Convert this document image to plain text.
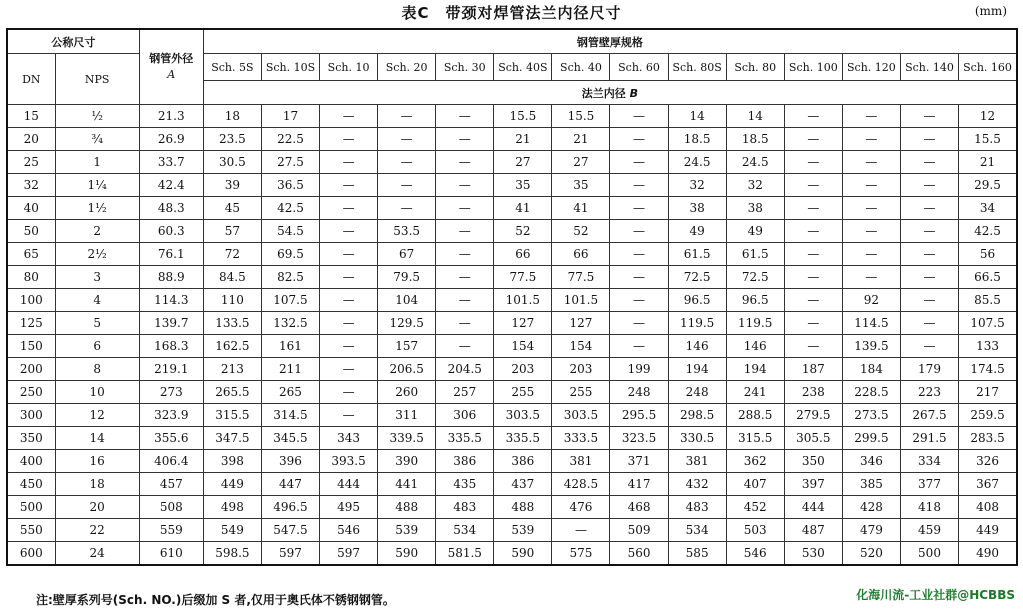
表C　带颈对焊管法兰内径尺寸	(mm)
公称尺寸		钢管外径
A	钢管壁厚规格													
DN	NPS		Sch. 5S	Sch. 10S	Sch. 10	Sch. 20	Sch. 30	Sch. 40S	Sch. 40	Sch. 60	Sch. 80S	Sch. 80	Sch. 100	Sch. 120	Sch. 140	Sch. 160
			法兰内径 B													
15	½	21.3	18	17	—	—	—	15.5	15.5	—	14	14	—	—	—	12
20	¾	26.9	23.5	22.5	—	—	—	21	21	—	18.5	18.5	—	—	—	15.5
25	1	33.7	30.5	27.5	—	—	—	27	27	—	24.5	24.5	—	—	—	21
32	1¼	42.4	39	36.5	—	—	—	35	35	—	32	32	—	—	—	29.5
40	1½	48.3	45	42.5	—	—	—	41	41	—	38	38	—	—	—	34
50	2	60.3	57	54.5	—	53.5	—	52	52	—	49	49	—	—	—	42.5
65	2½	76.1	72	69.5	—	67	—	66	66	—	61.5	61.5	—	—	—	56
80	3	88.9	84.5	82.5	—	79.5	—	77.5	77.5	—	72.5	72.5	—	—	—	66.5
100	4	114.3	110	107.5	—	104	—	101.5	101.5	—	96.5	96.5	—	92	—	85.5
125	5	139.7	133.5	132.5	—	129.5	—	127	127	—	119.5	119.5	—	114.5	—	107.5
150	6	168.3	162.5	161	—	157	—	154	154	—	146	146	—	139.5	—	133
200	8	219.1	213	211	—	206.5	204.5	203	203	199	194	194	187	184	179	174.5
250	10	273	265.5	265	—	260	257	255	255	248	248	241	238	228.5	223	217
300	12	323.9	315.5	314.5	—	311	306	303.5	303.5	295.5	298.5	288.5	279.5	273.5	267.5	259.5
350	14	355.6	347.5	345.5	343	339.5	335.5	335.5	333.5	323.5	330.5	315.5	305.5	299.5	291.5	283.5
400	16	406.4	398	396	393.5	390	386	386	381	371	381	362	350	346	334	326
450	18	457	449	447	444	441	435	437	428.5	417	432	407	397	385	377	367
500	20	508	498	496.5	495	488	483	488	476	468	483	452	444	428	418	408
550	22	559	549	547.5	546	539	534	539	—	509	534	503	487	479	459	449
600	24	610	598.5	597	597	590	581.5	590	575	560	585	546	530	520	500	490
注:壁厚系列号(Sch. NO.)后缀加 S 者,仅用于奥氏体不锈钢钢管。	化海川流-工业社群@HCBBS
